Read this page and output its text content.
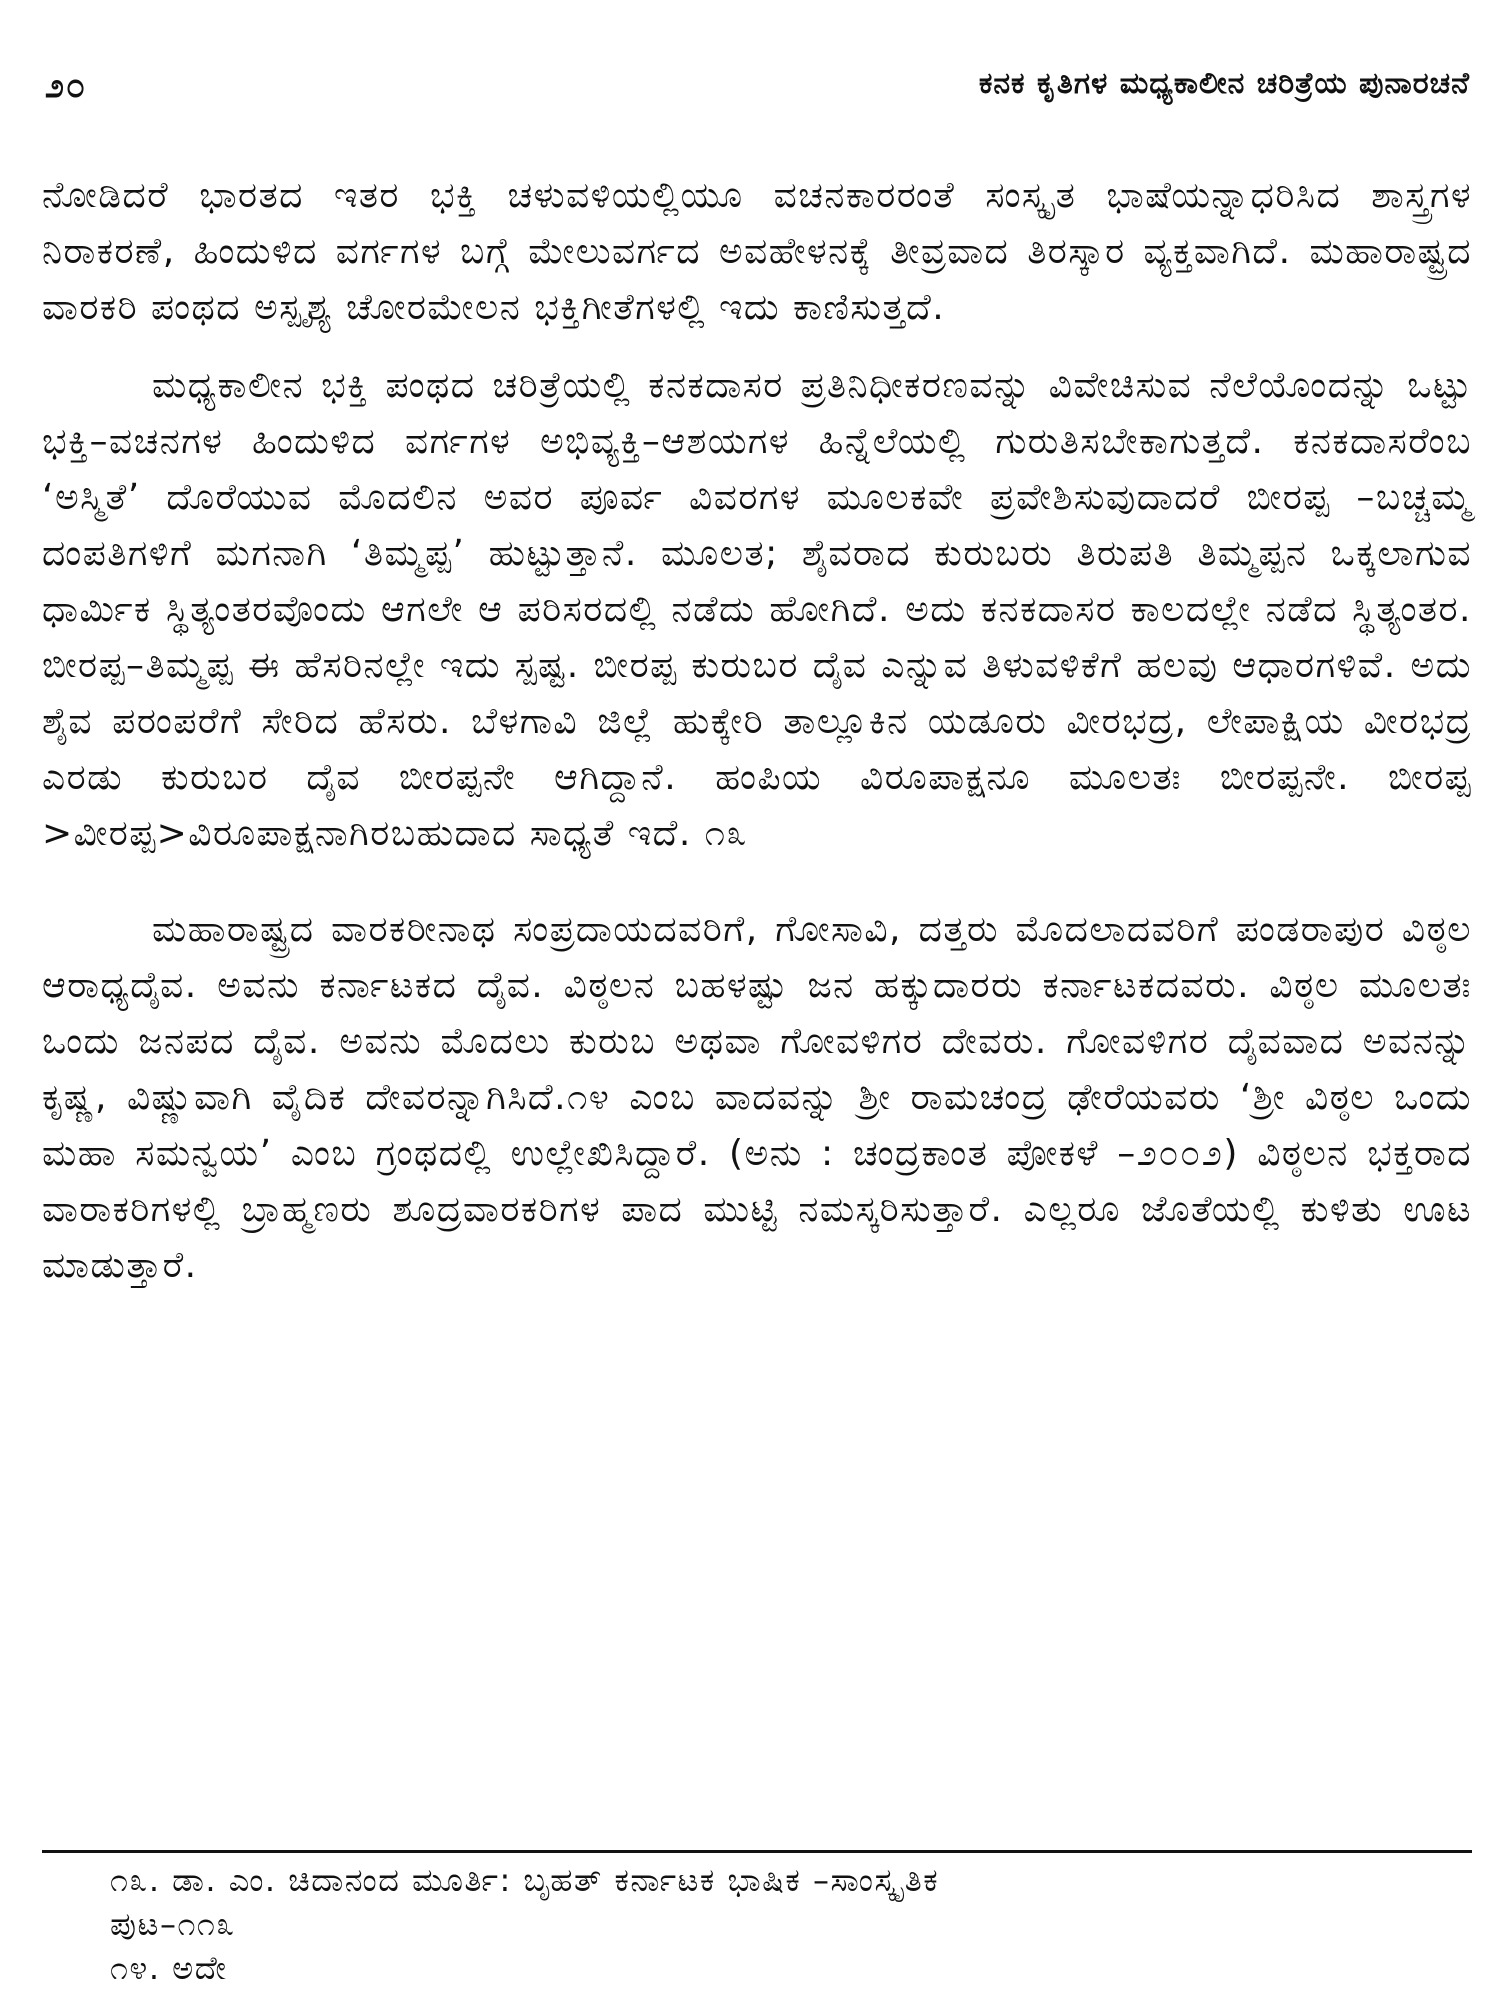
೨೦	ಕನಕ ಕೃತಿಗಳ ಮಧ್ಯಕಾಲೀನ ಚರಿತ್ರೆಯ ಪುನಾರಚನೆ

ನೋಡಿದರೆ ಭಾರತದ ಇತರ ಭಕ್ತಿ ಚಳುವಳಿಯಲ್ಲಿಯೂ ವಚನಕಾರರಂತೆ ಸಂಸ್ಕೃತ ಭಾಷೆಯನ್ನಾಧರಿಸಿದ ಶಾಸ್ತ್ರಗಳ ನಿರಾಕರಣೆ, ಹಿಂದುಳಿದ ವರ್ಗಗಳ ಬಗ್ಗೆ ಮೇಲುವರ್ಗದ ಅವಹೇಳನಕ್ಕೆ ತೀವ್ರವಾದ ತಿರಸ್ಕಾರ ವ್ಯಕ್ತವಾಗಿದೆ. ಮಹಾರಾಷ್ಟ್ರದ ವಾರಕರಿ ಪಂಥದ ಅಸ್ಪೃಶ್ಯ ಚೋರಮೇಲನ ಭಕ್ತಿಗೀತೆಗಳಲ್ಲಿ ಇದು ಕಾಣಿಸುತ್ತದೆ.

ಮಧ್ಯಕಾಲೀನ ಭಕ್ತಿ ಪಂಥದ ಚರಿತ್ರೆಯಲ್ಲಿ ಕನಕದಾಸರ ಪ್ರತಿನಿಧೀಕರಣವನ್ನು ವಿವೇಚಿಸುವ ನೆಲೆಯೊಂದನ್ನು ಒಟ್ಟು ಭಕ್ತಿ–ವಚನಗಳ ಹಿಂದುಳಿದ ವರ್ಗಗಳ ಅಭಿವ್ಯಕ್ತಿ–ಆಶಯಗಳ ಹಿನ್ನೆಲೆಯಲ್ಲಿ ಗುರುತಿಸಬೇಕಾಗುತ್ತದೆ. ಕನಕದಾಸರೆಂಬ ‘ಅಸ್ಮಿತೆ’ ದೊರೆಯುವ ಮೊದಲಿನ ಅವರ ಪೂರ್ವ ವಿವರಗಳ ಮೂಲಕವೇ ಪ್ರವೇಶಿಸುವುದಾದರೆ ಬೀರಪ್ಪ –ಬಚ್ಚಮ್ಮ ದಂಪತಿಗಳಿಗೆ ಮಗನಾಗಿ ‘ತಿಮ್ಮಪ್ಪ’ ಹುಟ್ಟುತ್ತಾನೆ. ಮೂಲತ; ಶೈವರಾದ ಕುರುಬರು ತಿರುಪತಿ ತಿಮ್ಮಪ್ಪನ ಒಕ್ಕಲಾಗುವ ಧಾರ್ಮಿಕ ಸ್ಥಿತ್ಯಂತರವೊಂದು ಆಗಲೇ ಆ ಪರಿಸರದಲ್ಲಿ ನಡೆದು ಹೋಗಿದೆ. ಅದು ಕನಕದಾಸರ ಕಾಲದಲ್ಲೇ ನಡೆದ ಸ್ಥಿತ್ಯಂತರ. ಬೀರಪ್ಪ–ತಿಮ್ಮಪ್ಪ ಈ ಹೆಸರಿನಲ್ಲೇ ಇದು ಸ್ಪಷ್ಟ. ಬೀರಪ್ಪ ಕುರುಬರ ದೈವ ಎನ್ನುವ ತಿಳುವಳಿಕೆಗೆ ಹಲವು ಆಧಾರಗಳಿವೆ. ಅದು ಶೈವ ಪರಂಪರೆಗೆ ಸೇರಿದ ಹೆಸರು. ಬೆಳಗಾವಿ ಜಿಲ್ಲೆ ಹುಕ್ಕೇರಿ ತಾಲ್ಲೂಕಿನ ಯಡೂರು ವೀರಭದ್ರ, ಲೇಪಾಕ್ಷಿಯ ವೀರಭದ್ರ ಎರಡು ಕುರುಬರ ದೈವ ಬೀರಪ್ಪನೇ ಆಗಿದ್ದಾನೆ. ಹಂಪಿಯ ವಿರೂಪಾಕ್ಷನೂ ಮೂಲತಃ ಬೀರಪ್ಪನೇ. ಬೀರಪ್ಪ >ವೀರಪ್ಪ>ವಿರೂಪಾಕ್ಷನಾಗಿರಬಹುದಾದ ಸಾಧ್ಯತೆ ಇದೆ. ೧೩

ಮಹಾರಾಷ್ಟ್ರದ ವಾರಕರೀನಾಥ ಸಂಪ್ರದಾಯದವರಿಗೆ, ಗೋಸಾವಿ, ದತ್ತರು ಮೊದಲಾದವರಿಗೆ ಪಂಡರಾಪುರ ವಿಠ್ಠಲ ಆರಾಧ್ಯದೈವ. ಅವನು ಕರ್ನಾಟಕದ ದೈವ. ವಿಠ್ಠಲನ ಬಹಳಷ್ಟು ಜನ ಹಕ್ಕುದಾರರು ಕರ್ನಾಟಕದವರು. ವಿಠ್ಠಲ ಮೂಲತಃ ಒಂದು ಜನಪದ ದೈವ. ಅವನು ಮೊದಲು ಕುರುಬ ಅಥವಾ ಗೋವಳಿಗರ ದೇವರು. ಗೋವಳಿಗರ ದೈವವಾದ ಅವನನ್ನು ಕೃಷ್ಣ, ವಿಷ್ಣುವಾಗಿ ವೈದಿಕ ದೇವರನ್ನಾಗಿಸಿದೆ.೧೪ ಎಂಬ ವಾದವನ್ನು ಶ್ರೀ ರಾಮಚಂದ್ರ ಢೇರೆಯವರು ‘ಶ್ರೀ ವಿಠ್ಠಲ ಒಂದು ಮಹಾ ಸಮನ್ವಯ’ ಎಂಬ ಗ್ರಂಥದಲ್ಲಿ ಉಲ್ಲೇಖಿಸಿದ್ದಾರೆ. (ಅನು : ಚಂದ್ರಕಾಂತ ಪೋಕಳೆ –೨೦೦೨) ವಿಠ್ಠಲನ ಭಕ್ತರಾದ ವಾರಾಕರಿಗಳಲ್ಲಿ ಬ್ರಾಹ್ಮಣರು ಶೂದ್ರವಾರಕರಿಗಳ ಪಾದ ಮುಟ್ಟಿ ನಮಸ್ಕರಿಸುತ್ತಾರೆ. ಎಲ್ಲರೂ ಜೊತೆಯಲ್ಲಿ ಕುಳಿತು ಊಟ ಮಾಡುತ್ತಾರೆ.

೧೩. ಡಾ. ಎಂ. ಚಿದಾನಂದ ಮೂರ್ತಿ: ಬೃಹತ್ ಕರ್ನಾಟಕ ಭಾಷಿಕ –ಸಾಂಸ್ಕೃತಿಕ

ಪುಟ–೧೧೩

೧೪. ಅದೇ
